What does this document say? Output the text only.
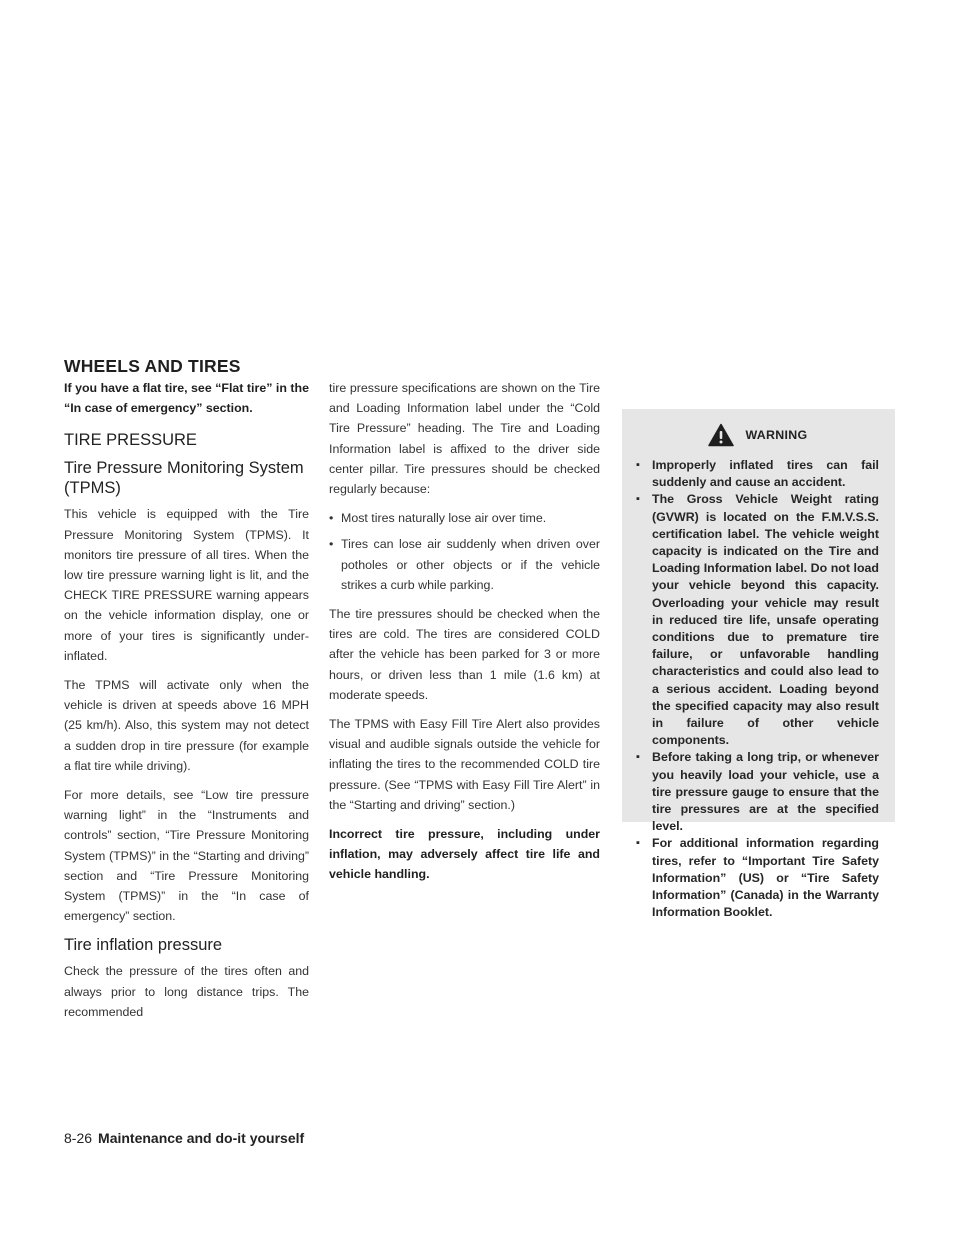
WHEELS AND TIRES

If you have a flat tire, see “Flat tire” in the “In case of emergency” section.

TIRE PRESSURE
Tire Pressure Monitoring System (TPMS)

This vehicle is equipped with the Tire Pressure Monitoring System (TPMS). It monitors tire pressure of all tires. When the low tire pressure warning light is lit, and the CHECK TIRE PRESSURE warning appears on the vehicle information display, one or more of your tires is significantly under-inflated.

The TPMS will activate only when the vehicle is driven at speeds above 16 MPH (25 km/h). Also, this system may not detect a sudden drop in tire pressure (for example a flat tire while driving).

For more details, see “Low tire pressure warning light” in the “Instruments and controls” section, “Tire Pressure Monitoring System (TPMS)” in the “Starting and driving” section and “Tire Pressure Monitoring System (TPMS)” in the “In case of emergency” section.

Tire inflation pressure

Check the pressure of the tires often and always prior to long distance trips. The recommended

tire pressure specifications are shown on the Tire and Loading Information label under the “Cold Tire Pressure” heading. The Tire and Loading Information label is affixed to the driver side center pillar. Tire pressures should be checked regularly because:

• Most tires naturally lose air over time.
• Tires can lose air suddenly when driven over potholes or other objects or if the vehicle strikes a curb while parking.

The tire pressures should be checked when the tires are cold. The tires are considered COLD after the vehicle has been parked for 3 or more hours, or driven less than 1 mile (1.6 km) at moderate speeds.

The TPMS with Easy Fill Tire Alert also provides visual and audible signals outside the vehicle for inflating the tires to the recommended COLD tire pressure. (See “TPMS with Easy Fill Tire Alert” in the “Starting and driving” section.)

Incorrect tire pressure, including under inflation, may adversely affect tire life and vehicle handling.

WARNING
▪ Improperly inflated tires can fail suddenly and cause an accident.
▪ The Gross Vehicle Weight rating (GVWR) is located on the F.M.V.S.S. certification label. The vehicle weight capacity is indicated on the Tire and Loading Information label. Do not load your vehicle beyond this capacity. Overloading your vehicle may result in reduced tire life, unsafe operating conditions due to premature tire failure, or unfavorable handling characteristics and could also lead to a serious accident. Loading beyond the specified capacity may also result in failure of other vehicle components.
▪ Before taking a long trip, or whenever you heavily load your vehicle, use a tire pressure gauge to ensure that the tire pressures are at the specified level.
▪ For additional information regarding tires, refer to “Important Tire Safety Information” (US) or “Tire Safety Information” (Canada) in the Warranty Information Booklet.
8-26 Maintenance and do-it yourself
